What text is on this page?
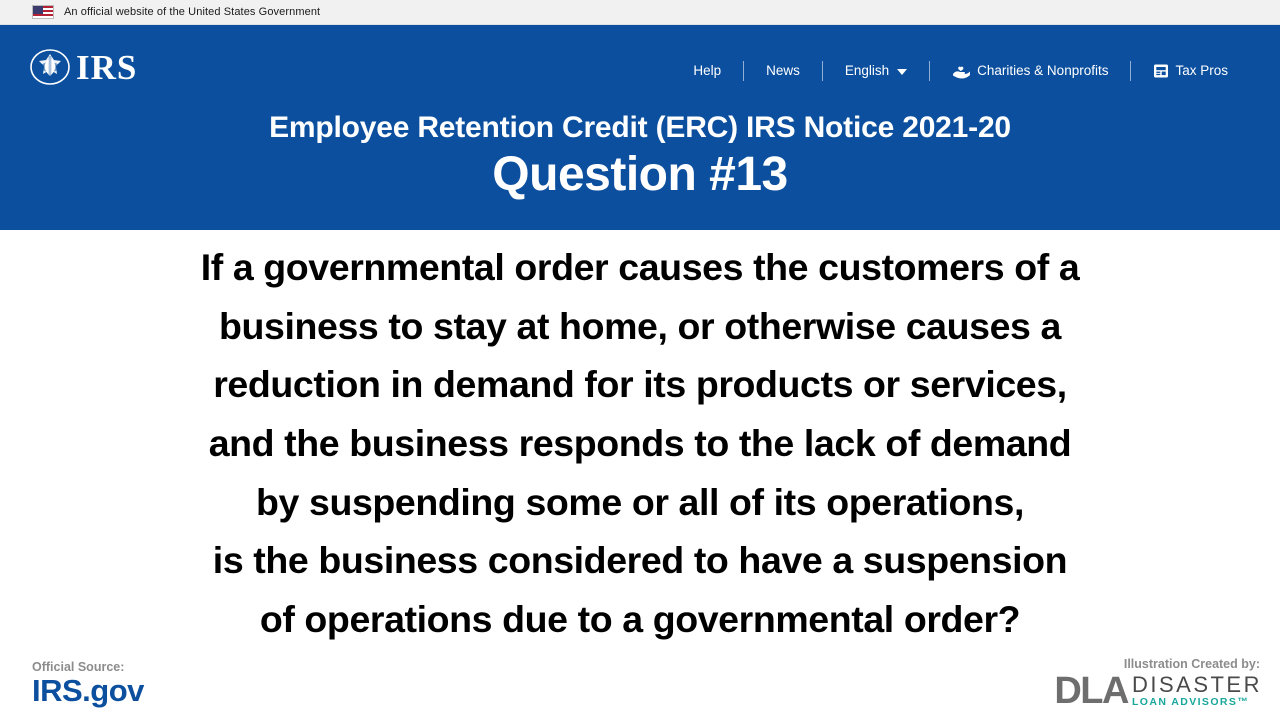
An official website of the United States Government
IRS	Help	News	English	Charities & Nonprofits	Tax Pros
Employee Retention Credit (ERC) IRS Notice 2021-20
Question #13
If a governmental order causes the customers of a
business to stay at home, or otherwise causes a
reduction in demand for its products or services,
and the business responds to the lack of demand
by suspending some or all of its operations,
is the business considered to have a suspension
of operations due to a governmental order?
Official Source:
IRS.gov
Illustration Created by:
DLA DISASTER
LOAN ADVISORS™
